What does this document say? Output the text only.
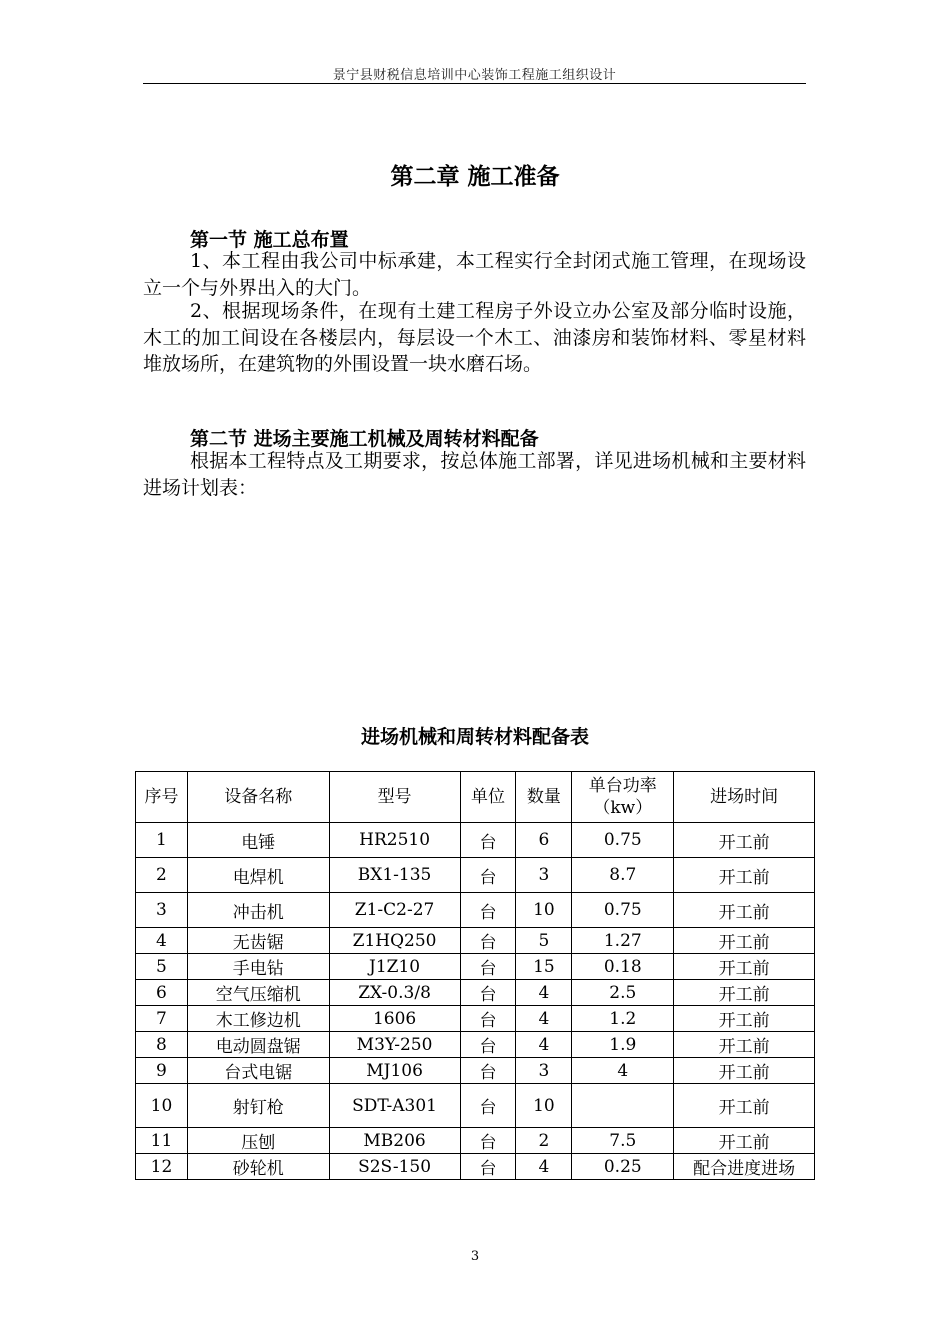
景宁县财税信息培训中心装饰工程施工组织设计
第二章 施工准备
第一节 施工总布置

1、本工程由我公司中标承建，本工程实行全封闭式施工管理，在现场设立一个与外界出入的大门。

2、根据现场条件，在现有土建工程房子外设立办公室及部分临时设施，木工的加工间设在各楼层内，每层设一个木工、油漆房和装饰材料、零星材料堆放场所，在建筑物的外围设置一块水磨石场。

第二节 进场主要施工机械及周转材料配备

根据本工程特点及工期要求，按总体施工部署，详见进场机械和主要材料进场计划表：

进场机械和周转材料配备表
序号	设备名称	型号	单位	数量	单台功率（kw）	进场时间
1	电锤	HR2510	台	6	0.75	开工前
2	电焊机	BX1-135	台	3	8.7	开工前
3	冲击机	Z1-C2-27	台	10	0.75	开工前
4	无齿锯	Z1HQ250	台	5	1.27	开工前
5	手电钻	J1Z10	台	15	0.18	开工前
6	空气压缩机	ZX-0.3/8	台	4	2.5	开工前
7	木工修边机	1606	台	4	1.2	开工前
8	电动圆盘锯	M3Y-250	台	4	1.9	开工前
9	台式电锯	MJ106	台	3	4	开工前
10	射钉枪	SDT-A301	台	10		开工前
11	压刨	MB206	台	2	7.5	开工前
12	砂轮机	S2S-150	台	4	0.25	配合进度进场
3
